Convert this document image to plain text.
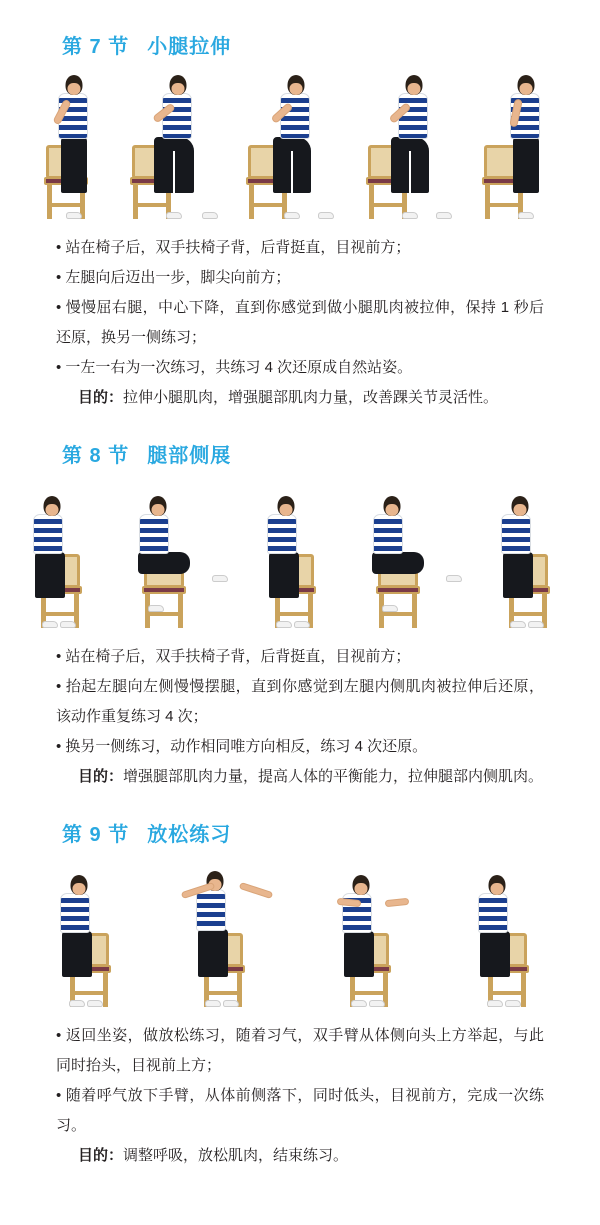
第 7 节 小腿拉伸
• 站在椅子后，双手扶椅子背，后背挺直，目视前方；
• 左腿向后迈出一步，脚尖向前方；
• 慢慢屈右腿，中心下降，直到你感觉到做小腿肌肉被拉伸，保持 1 秒后还原，换另一侧练习；
• 一左一右为一次练习，共练习 4 次还原成自然站姿。
目的：拉伸小腿肌肉，增强腿部肌肉力量，改善踝关节灵活性。
第 8 节 腿部侧展
• 站在椅子后，双手扶椅子背，后背挺直，目视前方；
• 抬起左腿向左侧慢慢摆腿，直到你感觉到左腿内侧肌肉被拉伸后还原，该动作重复练习 4 次；
• 换另一侧练习，动作相同唯方向相反，练习 4 次还原。
目的：增强腿部肌肉力量，提高人体的平衡能力，拉伸腿部内侧肌肉。
第 9 节 放松练习
• 返回坐姿，做放松练习，随着习气，双手臂从体侧向头上方举起，与此同时抬头，目视前上方；
• 随着呼气放下手臂，从体前侧落下，同时低头，目视前方，完成一次练习。
目的：调整呼吸，放松肌肉，结束练习。
